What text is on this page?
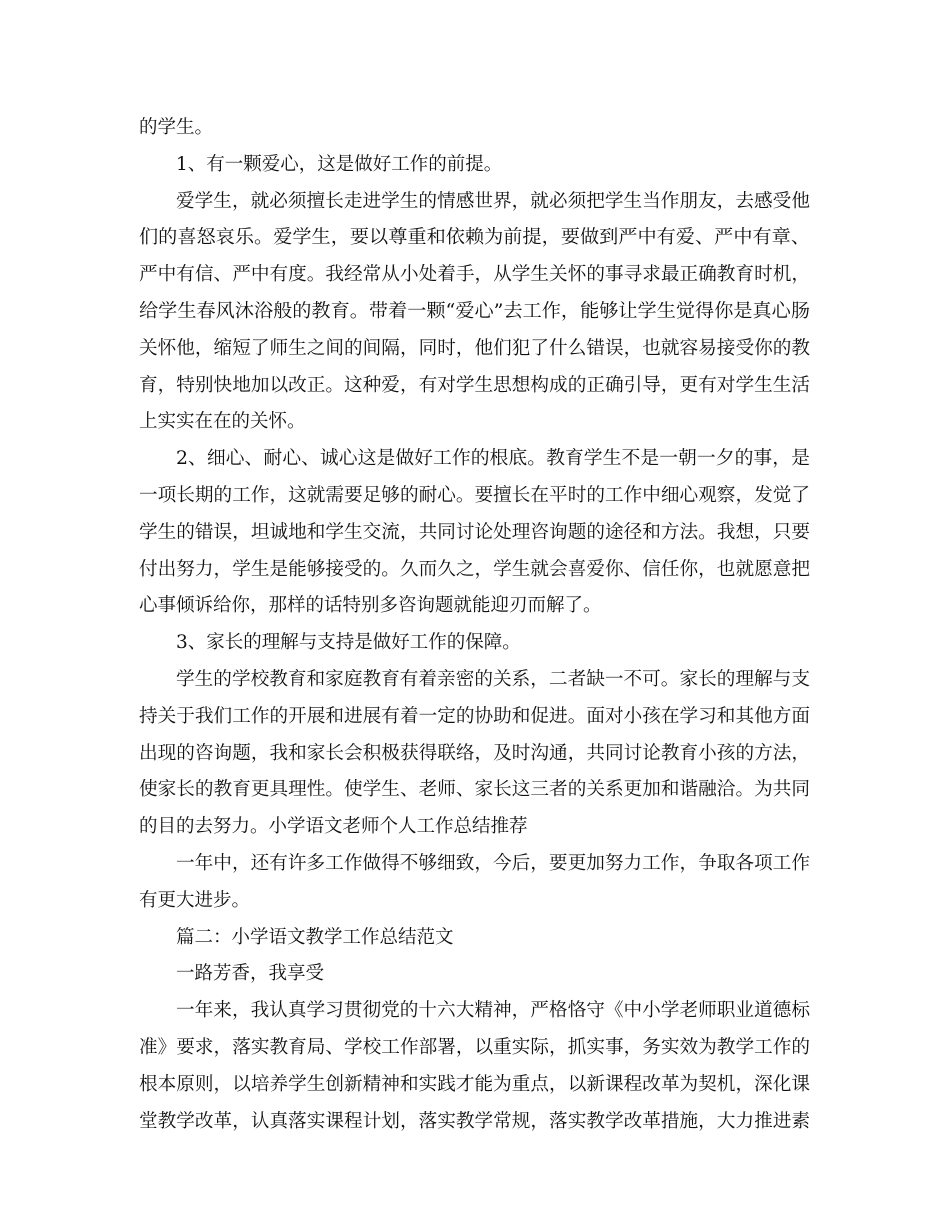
的学生。
1、有一颗爱心，这是做好工作的前提。
爱学生，就必须擅长走进学生的情感世界，就必须把学生当作朋友，去感受他
们的喜怒哀乐。爱学生，要以尊重和依赖为前提，要做到严中有爱、严中有章、
严中有信、严中有度。我经常从小处着手，从学生关怀的事寻求最正确教育时机，
给学生春风沐浴般的教育。带着一颗“爱心”去工作，能够让学生觉得你是真心肠
关怀他，缩短了师生之间的间隔，同时，他们犯了什么错误，也就容易接受你的教
育，特别快地加以改正。这种爱，有对学生思想构成的正确引导，更有对学生生活
上实实在在的关怀。
2、细心、耐心、诚心这是做好工作的根底。教育学生不是一朝一夕的事，是
一项长期的工作，这就需要足够的耐心。要擅长在平时的工作中细心观察，发觉了
学生的错误，坦诚地和学生交流，共同讨论处理咨询题的途径和方法。我想，只要
付出努力，学生是能够接受的。久而久之，学生就会喜爱你、信任你，也就愿意把
心事倾诉给你，那样的话特别多咨询题就能迎刃而解了。
3、家长的理解与支持是做好工作的保障。
学生的学校教育和家庭教育有着亲密的关系，二者缺一不可。家长的理解与支
持关于我们工作的开展和进展有着一定的协助和促进。面对小孩在学习和其他方面
出现的咨询题，我和家长会积极获得联络，及时沟通，共同讨论教育小孩的方法，
使家长的教育更具理性。使学生、老师、家长这三者的关系更加和谐融洽。为共同
的目的去努力。小学语文老师个人工作总结推荐
一年中，还有许多工作做得不够细致，今后，要更加努力工作，争取各项工作
有更大进步。
篇二：小学语文教学工作总结范文
一路芳香，我享受
一年来，我认真学习贯彻党的十六大精神，严格恪守《中小学老师职业道德标
准》要求，落实教育局、学校工作部署，以重实际，抓实事，务实效为教学工作的
根本原则，以培养学生创新精神和实践才能为重点，以新课程改革为契机，深化课
堂教学改革，认真落实课程计划，落实教学常规，落实教学改革措施，大力推进素
